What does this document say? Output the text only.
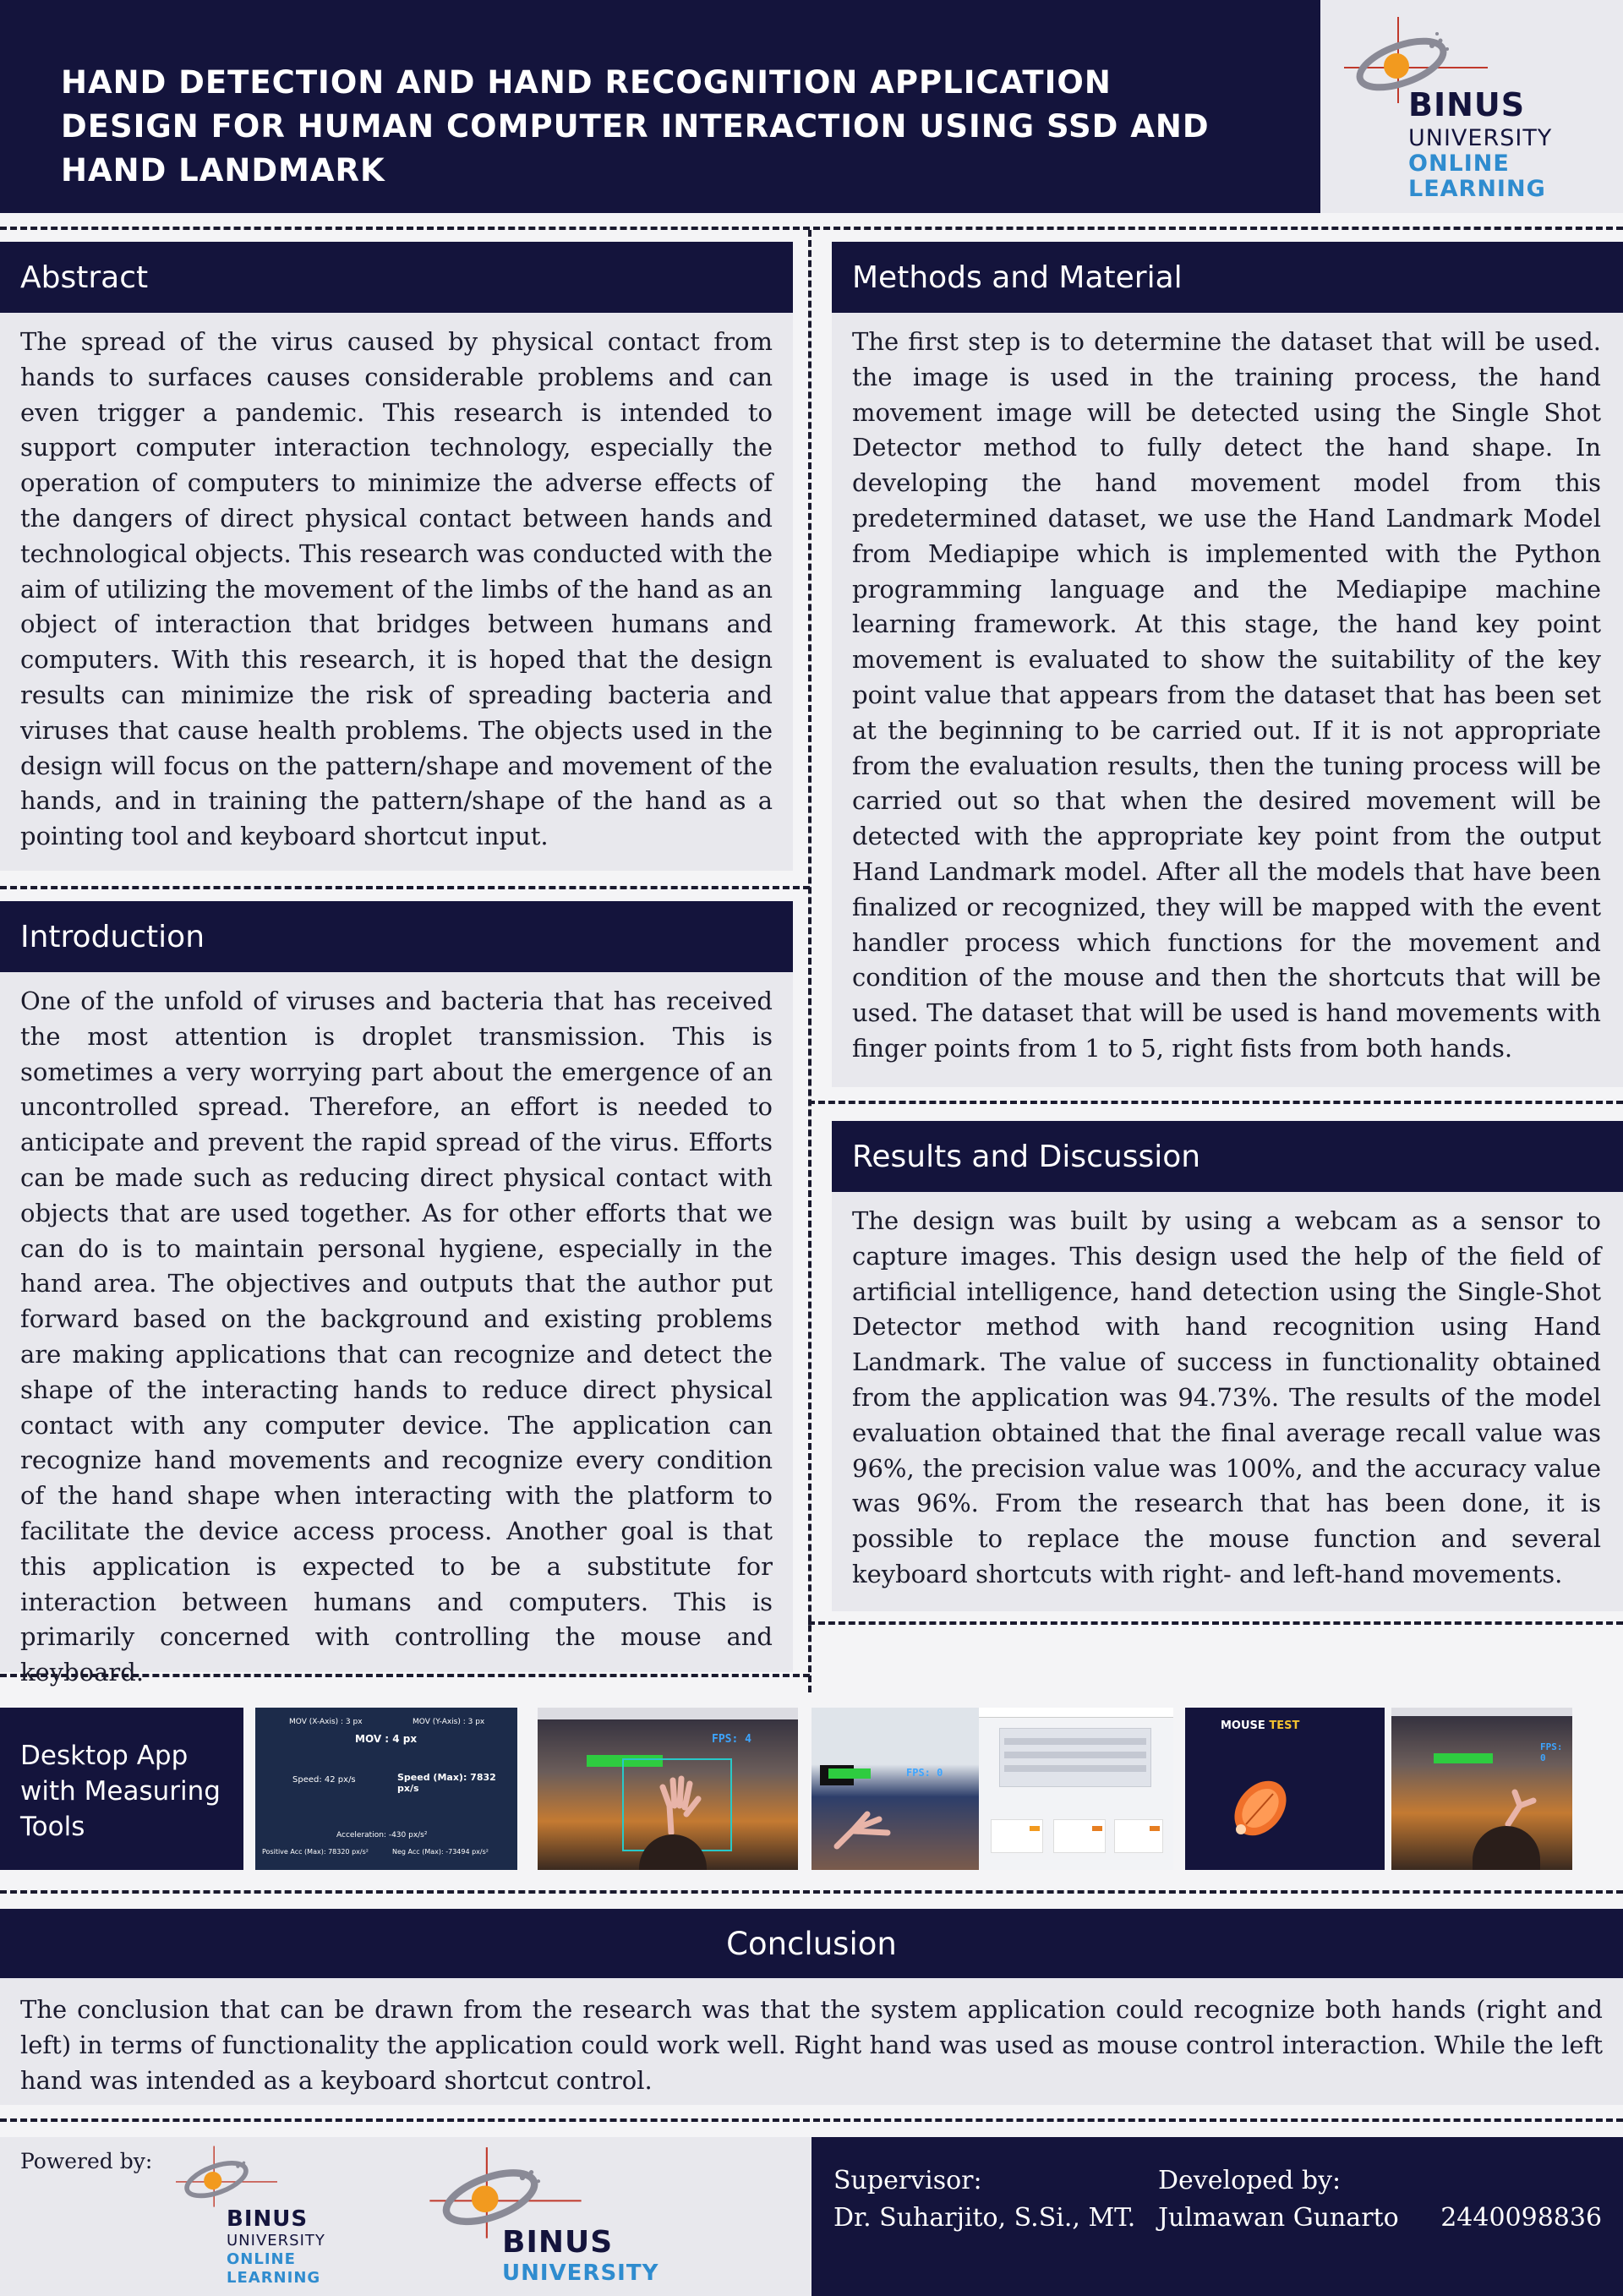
HAND DETECTION AND HAND RECOGNITION APPLICATION DESIGN FOR HUMAN COMPUTER INTERACTION USING SSD AND HAND LANDMARK
BINUS
UNIVERSITY
ONLINE
LEARNING
Abstract

The spread of the virus caused by physical contact from hands to surfaces causes considerable problems and can even trigger a pandemic. This research is intended to support computer interaction technology, especially the operation of computers to minimize the adverse effects of the dangers of direct physical contact between hands and technological objects. This research was conducted with the aim of utilizing the movement of the limbs of the hand as an object of interaction that bridges between humans and computers. With this research, it is hoped that the design results can minimize the risk of spreading bacteria and viruses that cause health problems. The objects used in the design will focus on the pattern/shape and movement of the hands, and in training the pattern/shape of the hand as a pointing tool and keyboard shortcut input.

Introduction

One of the unfold of viruses and bacteria that has received the most attention is droplet transmission. This is sometimes a very worrying part about the emergence of an uncontrolled spread. Therefore, an effort is needed to anticipate and prevent the rapid spread of the virus. Efforts can be made such as reducing direct physical contact with objects that are used together. As for other efforts that we can do is to maintain personal hygiene, especially in the hand area. The objectives and outputs that the author put forward based on the background and existing problems are making applications that can recognize and detect the shape of the interacting hands to reduce direct physical contact with any computer device. The application can recognize hand movements and recognize every condition of the hand shape when interacting with the platform to facilitate the device access process. Another goal is that this application is expected to be a substitute for interaction between humans and computers. This is primarily concerned with controlling the mouse and keyboard.

Methods and Material

The first step is to determine the dataset that will be used. the image is used in the training process, the hand movement image will be detected using the Single Shot Detector method to fully detect the hand shape. In developing the hand movement model from this predetermined dataset, we use the Hand Landmark Model from Mediapipe which is implemented with the Python programming language and the Mediapipe machine learning framework. At this stage, the hand key point movement is evaluated to show the suitability of the key point value that appears from the dataset that has been set at the beginning to be carried out. If it is not appropriate from the evaluation results, then the tuning process will be carried out so that when the desired movement will be detected with the appropriate key point from the output Hand Landmark model. After all the models that have been finalized or recognized, they will be mapped with the event handler process which functions for the movement and condition of the mouse and then the shortcuts that will be used. The dataset that will be used is hand movements with finger points from 1 to 5, right fists from both hands.

Results and Discussion

The design was built by using a webcam as a sensor to capture images. This design used the help of the field of artificial intelligence, hand detection using the Single-Shot Detector method with hand recognition using Hand Landmark. The value of success in functionality obtained from the application was 94.73%. The results of the model evaluation obtained that the final average recall value was 96%, the precision value was 100%, and the accuracy value was 96%. From the research that has been done, it is possible to replace the mouse function and several keyboard shortcuts with right- and left-hand movements.

Desktop App with Measuring Tools
MOV (X-Axis) : 3 px	MOV (Y-Axis) : 3 px
MOV : 4 px
Speed: 42 px/s	Speed (Max): 7832 px/s
Acceleration: -430 px/s²
Positive Acc (Max): 78320 px/s²	Neg Acc (Max): -73494 px/s²
FPS: 4
FPS: 0
MOUSE TEST
FPS: 0
Conclusion
The conclusion that can be drawn from the research was that the system application could recognize both hands (right and left) in terms of functionality the application could work well. Right hand was used as mouse control interaction. While the left hand was intended as a keyboard shortcut control.
Powered by:
BINUS
UNIVERSITY
ONLINE
LEARNING
BINUS
UNIVERSITY
Supervisor:
Dr. Suharjito, S.Si., MT.
Developed by:
Julmawan Gunarto 2440098836
